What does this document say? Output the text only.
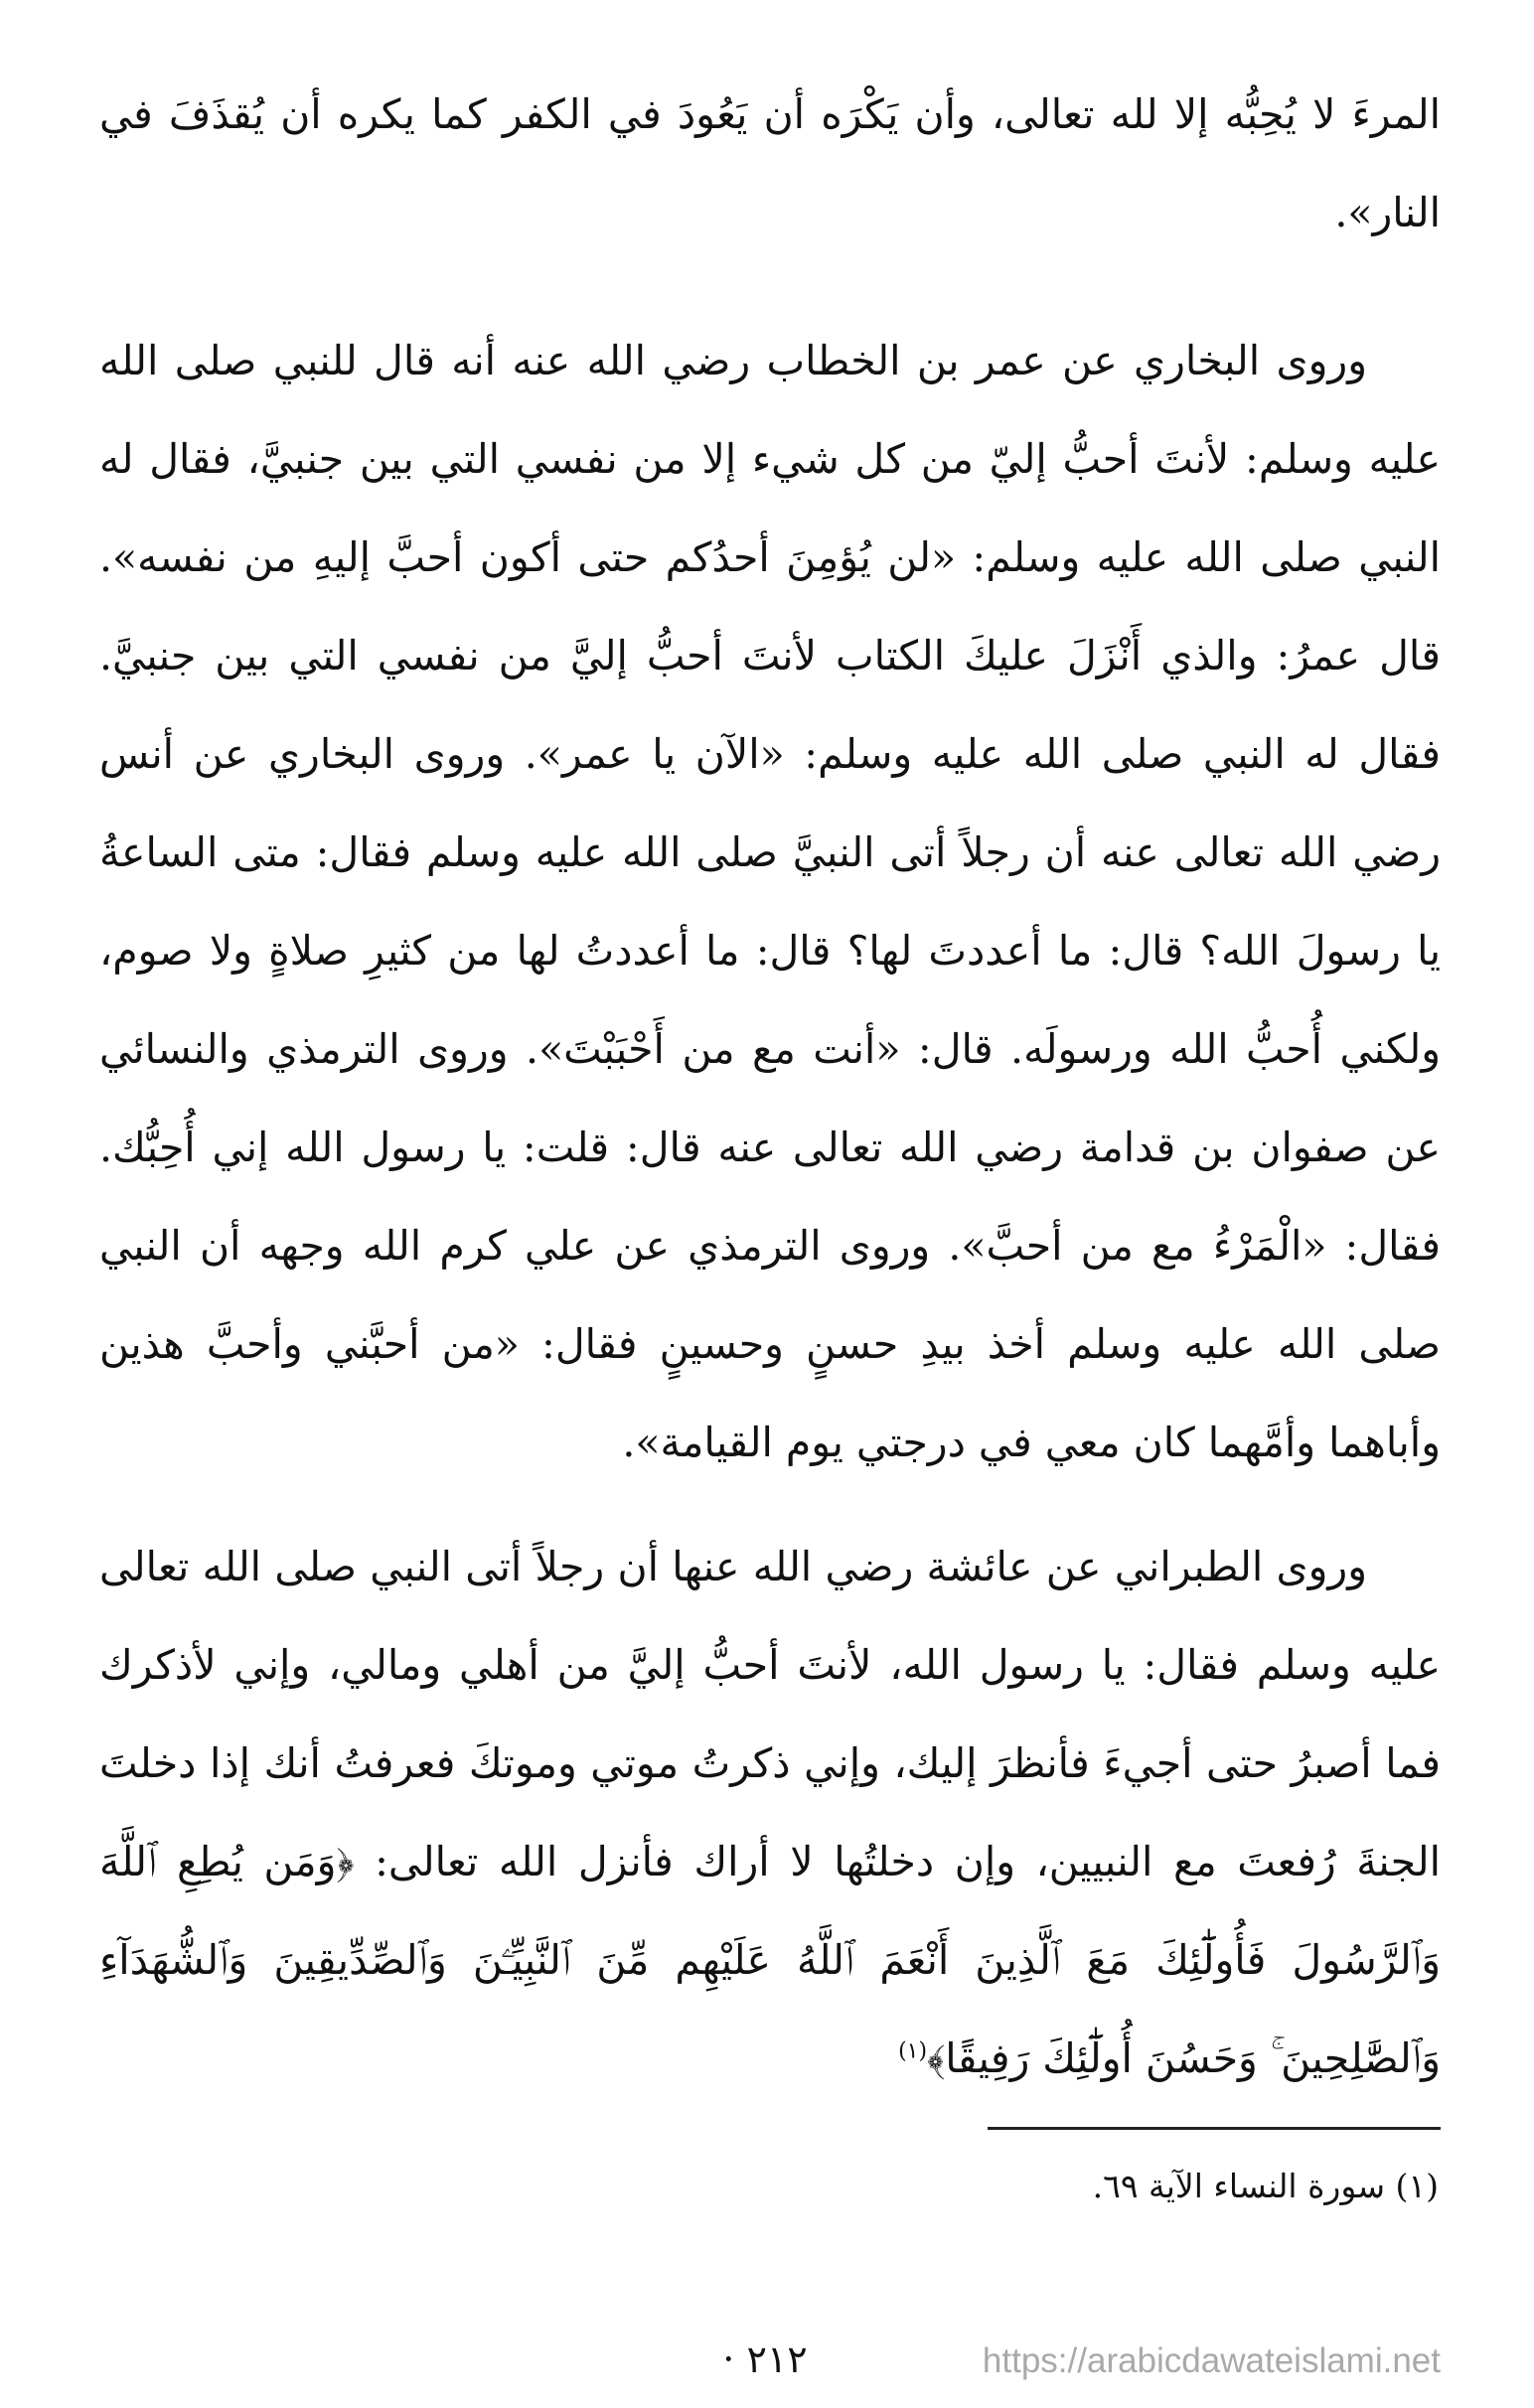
المرءَ لا يُحِبُّه إلا لله تعالى، وأن يَكْرَه أن يَعُودَ في الكفر كما يكره أن يُقذَفَ في النار».

وروى البخاري عن عمر بن الخطاب رضي الله عنه أنه قال للنبي صلى الله عليه وسلم: لأنتَ أحبُّ إليّ من كل شيء إلا من نفسي التي بين جنبيَّ، فقال له النبي صلى الله عليه وسلم: «لن يُؤمِنَ أحدُكم حتى أكون أحبَّ إليهِ من نفسه». قال عمرُ: والذي أَنْزَلَ عليكَ الكتاب لأنتَ أحبُّ إليَّ من نفسي التي بين جنبيَّ. فقال له النبي صلى الله عليه وسلم: «الآن يا عمر». وروى البخاري عن أنس رضي الله تعالى عنه أن رجلاً أتى النبيَّ صلى الله عليه وسلم فقال: متى الساعةُ يا رسولَ الله؟ قال: ما أعددتَ لها؟ قال: ما أعددتُ لها من كثيرِ صلاةٍ ولا صوم، ولكني أُحبُّ الله ورسولَه. قال: «أنت مع من أَحْبَبْتَ». وروى الترمذي والنسائي عن صفوان بن قدامة رضي الله تعالى عنه قال: قلت: يا رسول الله إني أُحِبُّك. فقال: «الْمَرْءُ مع من أحبَّ». وروى الترمذي عن علي كرم الله وجهه أن النبي صلى الله عليه وسلم أخذ بيدِ حسنٍ وحسينٍ فقال: «من أحبَّني وأحبَّ هذين وأباهما وأمَّهما كان معي في درجتي يوم القيامة».

وروى الطبراني عن عائشة رضي الله عنها أن رجلاً أتى النبي صلى الله تعالى عليه وسلم فقال: يا رسول الله، لأنتَ أحبُّ إليَّ من أهلي ومالي، وإني لأذكرك فما أصبرُ حتى أجيءَ فأنظرَ إليك، وإني ذكرتُ موتي وموتكَ فعرفتُ أنك إذا دخلتَ الجنةَ رُفعتَ مع النبيين، وإن دخلتُها لا أراك فأنزل الله تعالى: ﴿وَمَن يُطِعِ ٱللَّهَ وَٱلرَّسُولَ فَأُولَٰٓئِكَ مَعَ ٱلَّذِينَ أَنْعَمَ ٱللَّهُ عَلَيْهِم مِّنَ ٱلنَّبِيِّـۧنَ وَٱلصِّدِّيقِينَ وَٱلشُّهَدَآءِ وَٱلصَّٰلِحِينَ ۚ وَحَسُنَ أُولَٰٓئِكَ رَفِيقًا﴾$^{(١)}$

(١) سورة النساء الآية ٦٩.
٢١٢ ·	https://arabicdawateislami.net
